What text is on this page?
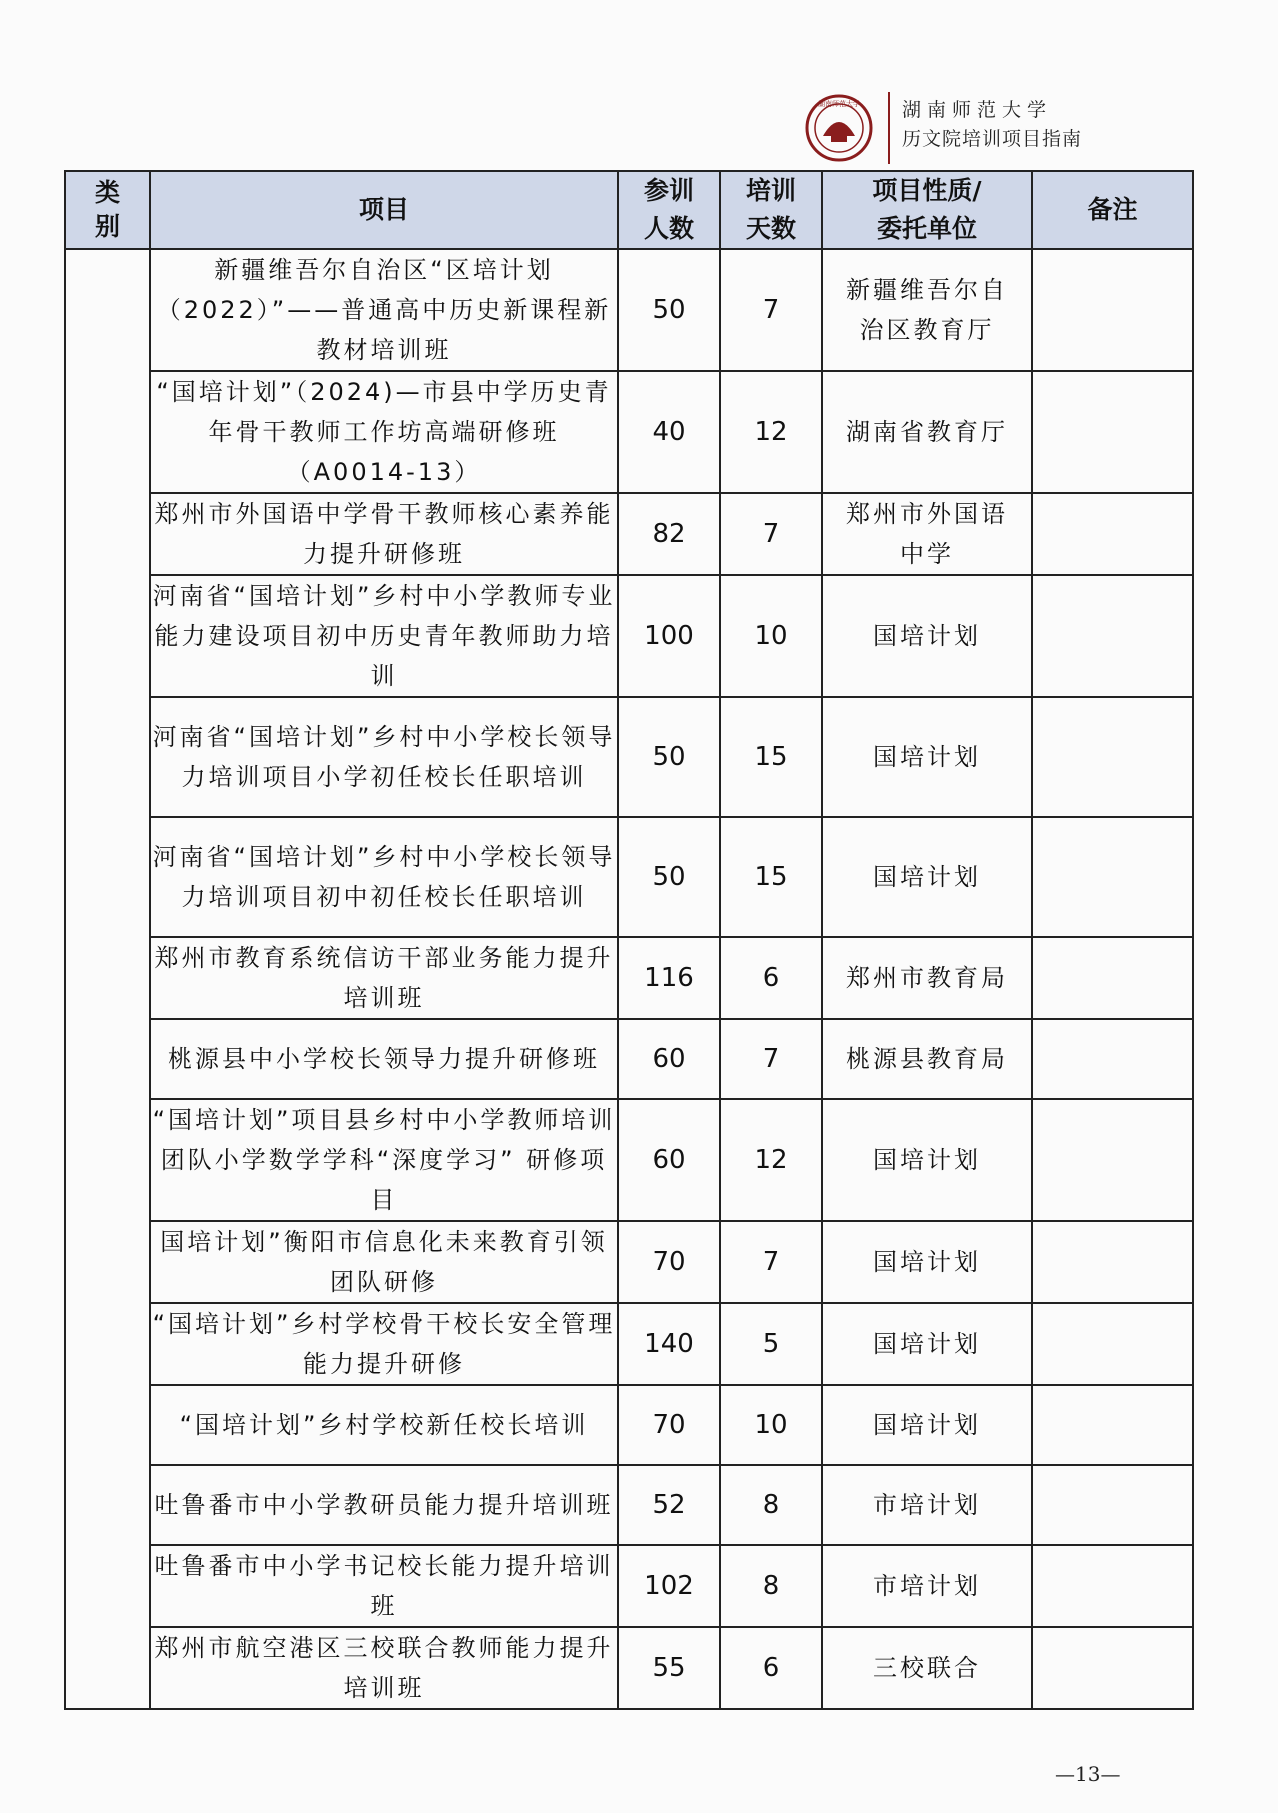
湖南师范大学 湖南师范大学
历文院培训项目指南
类别	项目	参训人数	培训天数	项目性质/委托单位	备注
	新疆维吾尔自治区“区培计划（2022）”——普通高中历史新课程新教材培训班	50	7	新疆维吾尔自治区教育厅	
	“国培计划”（2024)—市县中学历史青年骨干教师工作坊高端研修班（A0014-13）	40	12	湖南省教育厅	
	郑州市外国语中学骨干教师核心素养能力提升研修班	82	7	郑州市外国语中学	
	河南省“国培计划”乡村中小学教师专业能力建设项目初中历史青年教师助力培训	100	10	国培计划	
	河南省“国培计划”乡村中小学校长领导力培训项目小学初任校长任职培训	50	15	国培计划	
	河南省“国培计划”乡村中小学校长领导力培训项目初中初任校长任职培训	50	15	国培计划	
	郑州市教育系统信访干部业务能力提升培训班	116	6	郑州市教育局	
	桃源县中小学校长领导力提升研修班	60	7	桃源县教育局	
	“国培计划”项目县乡村中小学教师培训团队小学数学学科“深度学习” 研修项目	60	12	国培计划	
	国培计划”衡阳市信息化未来教育引领团队研修	70	7	国培计划	
	“国培计划”乡村学校骨干校长安全管理能力提升研修	140	5	国培计划	
	“国培计划”乡村学校新任校长培训	70	10	国培计划	
	吐鲁番市中小学教研员能力提升培训班	52	8	市培计划	
	吐鲁番市中小学书记校长能力提升培训班	102	8	市培计划	
	郑州市航空港区三校联合教师能力提升培训班	55	6	三校联合	
—13—
